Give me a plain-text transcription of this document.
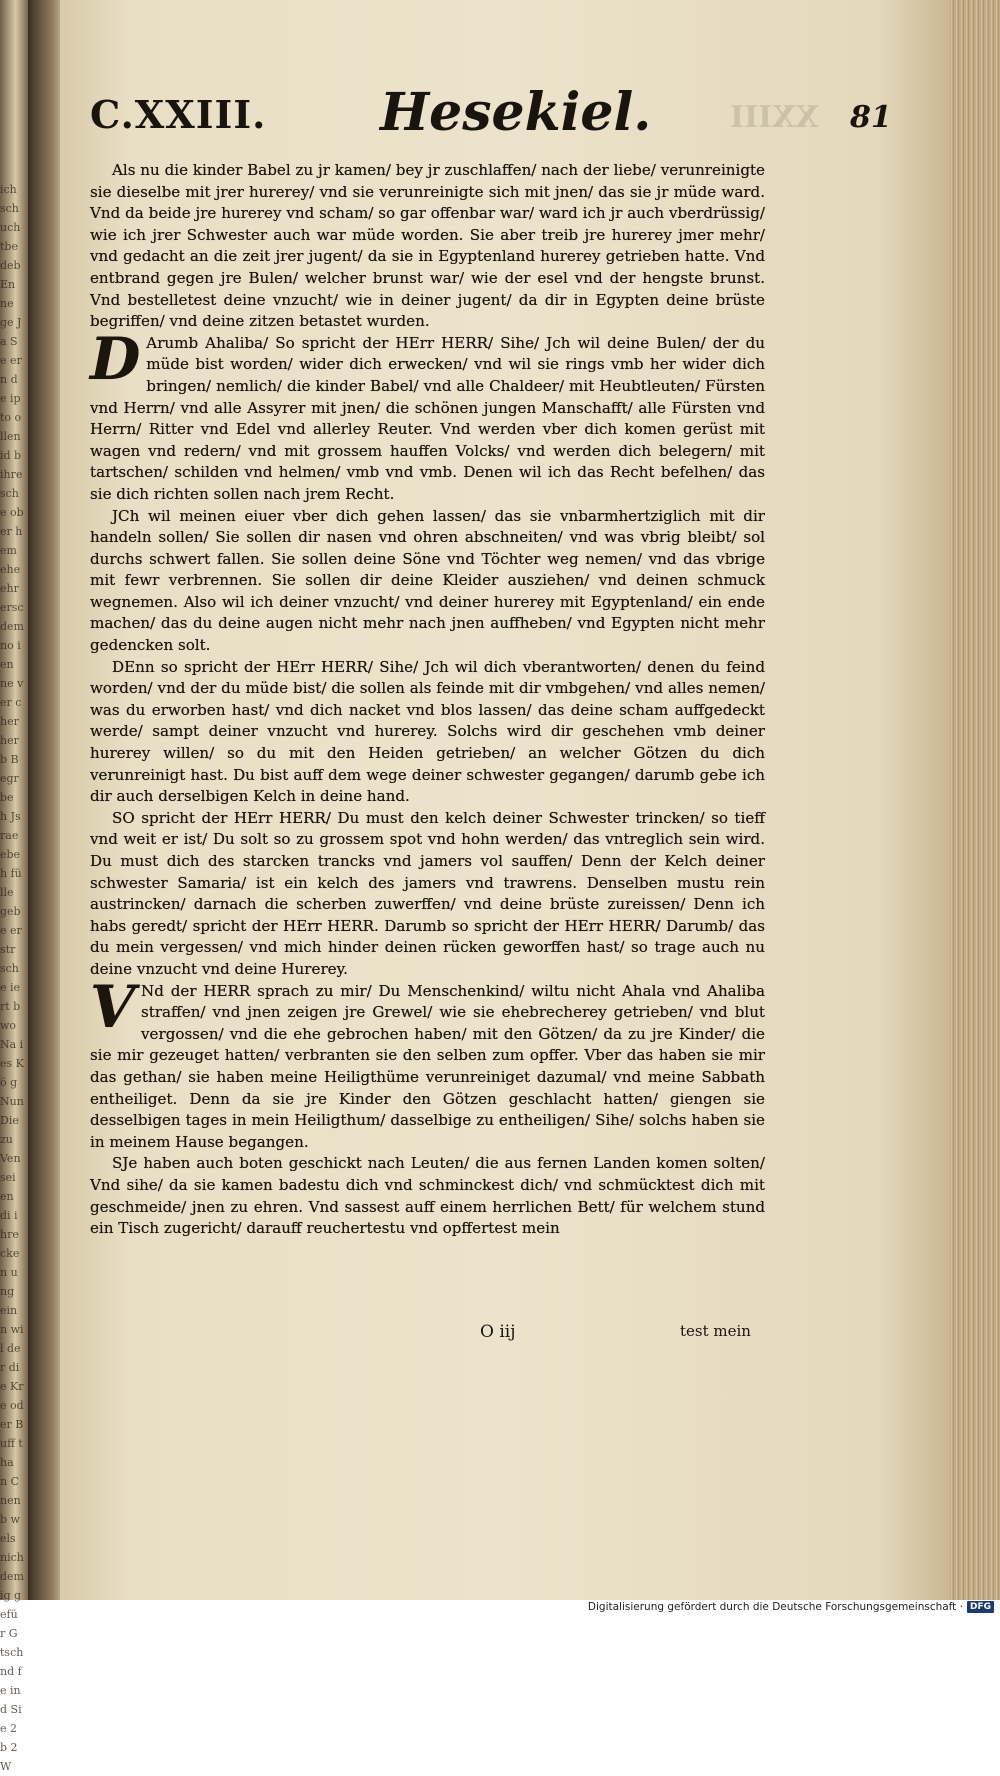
ich sch uch tbe deb En ne ge Ja Se ern de ipto ollen id b ihre sche ober hem ehe ehr ersc dem no ien ne ver cher herb Begr be h Jsrae ebeh fülle gebe erstr sche ie rt bwo Na ies Kö g Nun Die zu Ven sei en di ihre cken ung ein n wil der die Kre oder Buff t ha n C nenb wels nich dem ig gefü r G tsch nd fe in d Sie 2b 2W
C.XXIII. Hesekiel.	XXIII 81

Als nu die kinder Babel zu jr kamen/ bey jr zuschlaffen/ nach der liebe/ verunreinigte sie dieselbe mit jrer hurerey/ vnd sie verunreinigte sich mit jnen/ das sie jr müde ward. Vnd da beide jre hurerey vnd scham/ so gar offenbar war/ ward ich jr auch vberdrüssig/ wie ich jrer Schwester auch war müde worden. Sie aber treib jre hurerey jmer mehr/ vnd gedacht an die zeit jrer jugent/ da sie in Egyptenland hurerey getrieben hatte. Vnd entbrand gegen jre Bulen/ welcher brunst war/ wie der esel vnd der hengste brunst. Vnd bestelletest deine vnzucht/ wie in deiner jugent/ da dir in Egypten deine brüste begriffen/ vnd deine zitzen betastet wurden.

D Arumb Ahaliba/ So spricht der HErr HERR/ Sihe/ Jch wil deine Bulen/ der du müde bist worden/ wider dich erwecken/ vnd wil sie rings vmb her wider dich bringen/ nemlich/ die kinder Babel/ vnd alle Chaldeer/ mit Heubtleuten/ Fürsten vnd Herrn/ vnd alle Assyrer mit jnen/ die schönen jungen Manschafft/ alle Fürsten vnd Herrn/ Ritter vnd Edel vnd allerley Reuter. Vnd werden vber dich komen gerüst mit wagen vnd redern/ vnd mit grossem hauffen Volcks/ vnd werden dich belegern/ mit tartschen/ schilden vnd helmen/ vmb vnd vmb. Denen wil ich das Recht befelhen/ das sie dich richten sollen nach jrem Recht.

JCh wil meinen eiuer vber dich gehen lassen/ das sie vnbarmhertziglich mit dir handeln sollen/ Sie sollen dir nasen vnd ohren abschneiten/ vnd was vbrig bleibt/ sol durchs schwert fallen. Sie sollen deine Söne vnd Töchter weg nemen/ vnd das vbrige mit fewr verbrennen. Sie sollen dir deine Kleider ausziehen/ vnd deinen schmuck wegnemen. Also wil ich deiner vnzucht/ vnd deiner hurerey mit Egyptenland/ ein ende machen/ das du deine augen nicht mehr nach jnen auffheben/ vnd Egypten nicht mehr gedencken solt.

DEnn so spricht der HErr HERR/ Sihe/ Jch wil dich vberantworten/ denen du feind worden/ vnd der du müde bist/ die sollen als feinde mit dir vmbgehen/ vnd alles nemen/ was du erworben hast/ vnd dich nacket vnd blos lassen/ das deine scham auffgedeckt werde/ sampt deiner vnzucht vnd hurerey. Solchs wird dir geschehen vmb deiner hurerey willen/ so du mit den Heiden getrieben/ an welcher Götzen du dich verunreinigt hast. Du bist auff dem wege deiner schwester gegangen/ darumb gebe ich dir auch derselbigen Kelch in deine hand.

SO spricht der HErr HERR/ Du must den kelch deiner Schwester trincken/ so tieff vnd weit er ist/ Du solt so zu grossem spot vnd hohn werden/ das vntreglich sein wird. Du must dich des starcken trancks vnd jamers vol sauffen/ Denn der Kelch deiner schwester Samaria/ ist ein kelch des jamers vnd trawrens. Denselben mustu rein austrincken/ darnach die scherben zuwerffen/ vnd deine brüste zureissen/ Denn ich habs geredt/ spricht der HErr HERR. Darumb so spricht der HErr HERR/ Darumb/ das du mein vergessen/ vnd mich hinder deinen rücken geworffen hast/ so trage auch nu deine vnzucht vnd deine Hurerey.

V Nd der HERR sprach zu mir/ Du Menschenkind/ wiltu nicht Ahala vnd Ahaliba straffen/ vnd jnen zeigen jre Grewel/ wie sie ehebrecherey getrieben/ vnd blut vergossen/ vnd die ehe gebrochen haben/ mit den Götzen/ da zu jre Kinder/ die sie mir gezeuget hatten/ verbranten sie den selben zum opffer. Vber das haben sie mir das gethan/ sie haben meine Heiligthüme verunreiniget dazumal/ vnd meine Sabbath entheiliget. Denn da sie jre Kinder den Götzen geschlacht hatten/ giengen sie desselbigen tages in mein Heiligthum/ dasselbige zu entheiligen/ Sihe/ solchs haben sie in meinem Hause begangen.

SJe haben auch boten geschickt nach Leuten/ die aus fernen Landen komen solten/ Vnd sihe/ da sie kamen badestu dich vnd schminckest dich/ vnd schmücktest dich mit geschmeide/ jnen zu ehren. Vnd sassest auff einem herrlichen Bett/ für welchem stund ein Tisch zugericht/ darauff reuchertestu vnd opffertest mein

O iij	test mein
Digitalisierung gefördert durch die Deutsche Forschungsgemeinschaft · DFG
